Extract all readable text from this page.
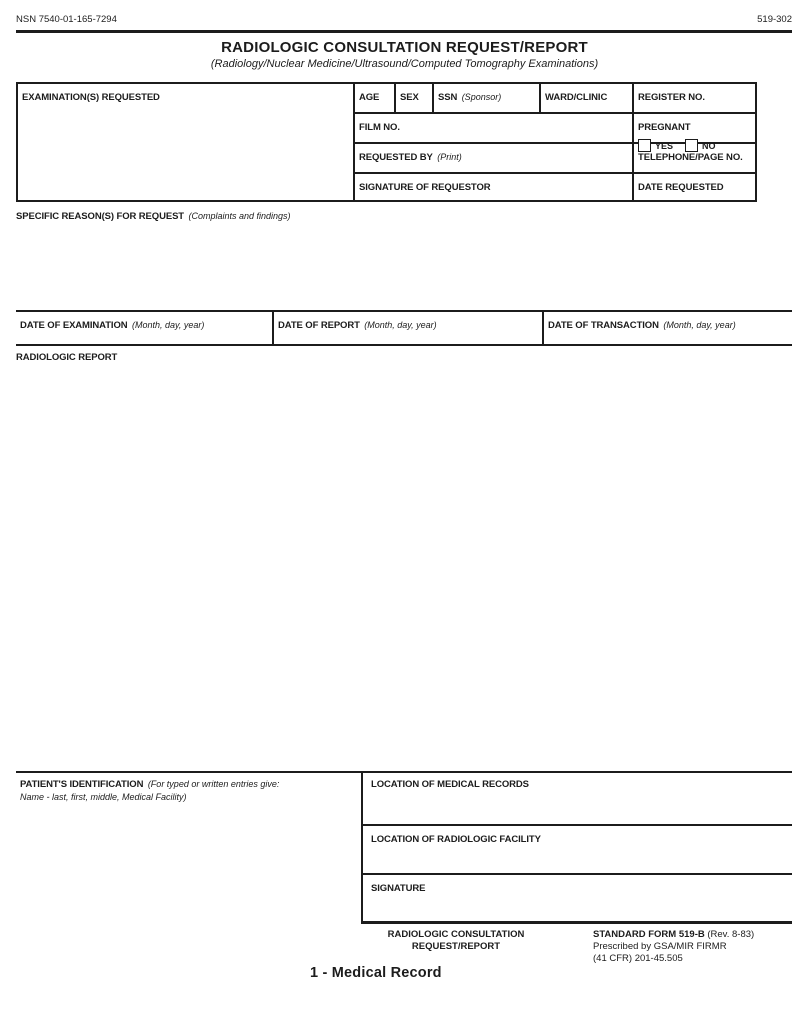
NSN 7540-01-165-7294	519-302
RADIOLOGIC CONSULTATION REQUEST/REPORT
(Radiology/Nuclear Medicine/Ultrasound/Computed Tomography Examinations)
EXAMINATION(S) REQUESTED	AGE	SEX	SSN (Sponsor)	WARD/CLINIC	REGISTER NO.
FILM NO.	PREGNANT
YES	NO
REQUESTED BY (Print)	TELEPHONE/PAGE NO.
SIGNATURE OF REQUESTOR	DATE REQUESTED
SPECIFIC REASON(S) FOR REQUEST (Complaints and findings)
DATE OF EXAMINATION (Month, day, year)	DATE OF REPORT (Month, day, year)	DATE OF TRANSACTION (Month, day, year)
RADIOLOGIC REPORT
PATIENT'S IDENTIFICATION (For typed or written entries give:
Name - last, first, middle, Medical Facility)
LOCATION OF MEDICAL RECORDS
LOCATION OF RADIOLOGIC FACILITY
SIGNATURE
RADIOLOGIC CONSULTATION
REQUEST/REPORT
STANDARD FORM 519-B (Rev. 8-83)
Prescribed by GSA/MIR FIRMR
(41 CFR) 201-45.505
1 - Medical Record
